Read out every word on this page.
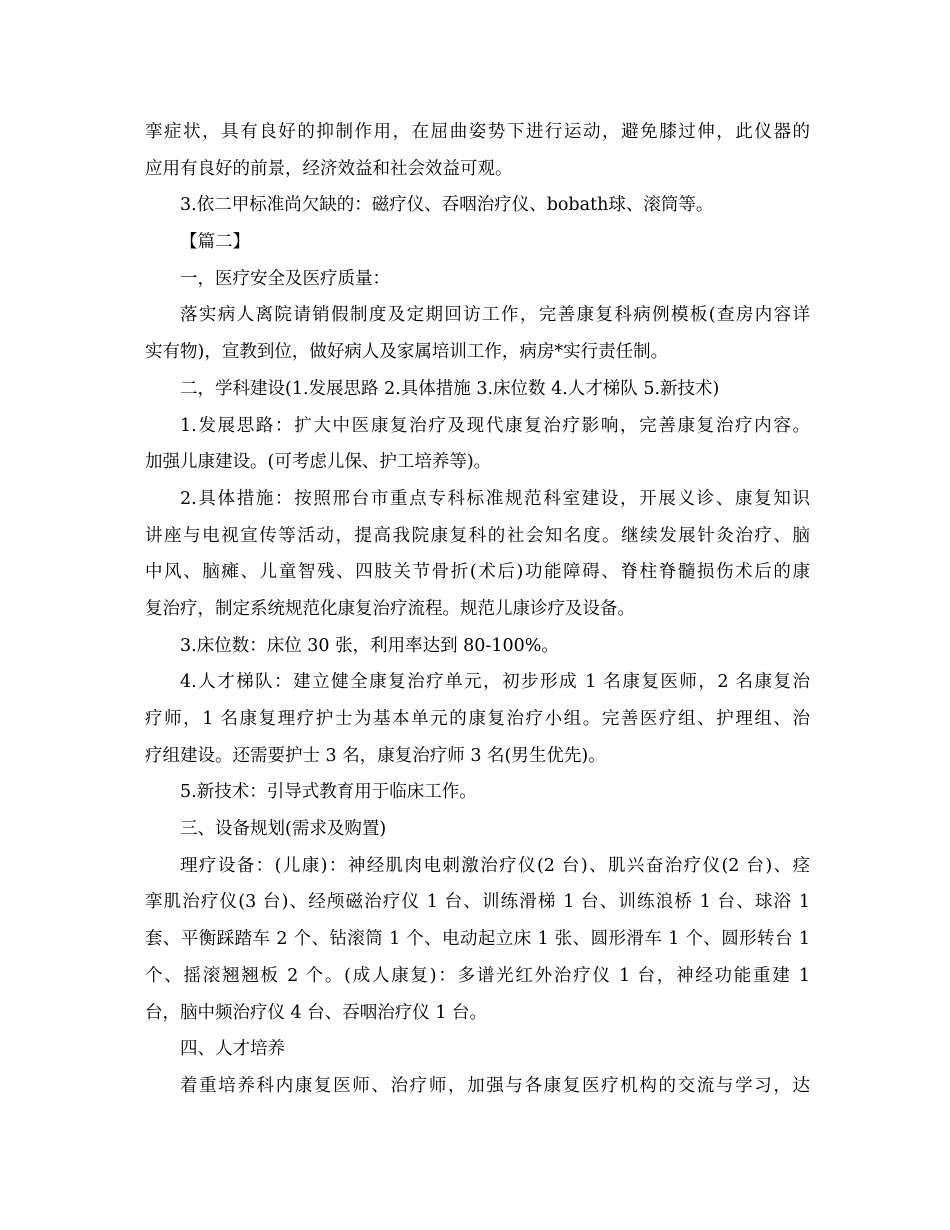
挛症状，具有良好的抑制作用，在屈曲姿势下进行运动，避免膝过伸，此仪器的
应用有良好的前景，经济效益和社会效益可观。
3.依二甲标准尚欠缺的：磁疗仪、吞咽治疗仪、bobath球、滚筒等。
【篇二】
一，医疗安全及医疗质量：
落实病人离院请销假制度及定期回访工作，完善康复科病例模板(查房内容详
实有物)，宣教到位，做好病人及家属培训工作，病房*实行责任制。
二，学科建设(1.发展思路 2.具体措施 3.床位数 4.人才梯队 5.新技术)
1.发展思路：扩大中医康复治疗及现代康复治疗影响，完善康复治疗内容。
加强儿康建设。(可考虑儿保、护工培养等)。
2.具体措施：按照邢台市重点专科标准规范科室建设，开展义诊、康复知识
讲座与电视宣传等活动，提高我院康复科的社会知名度。继续发展针灸治疗、脑
中风、脑瘫、儿童智残、四肢关节骨折(术后)功能障碍、脊柱脊髓损伤术后的康
复治疗，制定系统规范化康复治疗流程。规范儿康诊疗及设备。
3.床位数：床位 30 张，利用率达到 80-100%。
4.人才梯队：建立健全康复治疗单元，初步形成 1 名康复医师，2 名康复治
疗师，1 名康复理疗护士为基本单元的康复治疗小组。完善医疗组、护理组、治
疗组建设。还需要护士 3 名，康复治疗师 3 名(男生优先)。
5.新技术：引导式教育用于临床工作。
三、设备规划(需求及购置)
理疗设备：(儿康)：神经肌肉电刺激治疗仪(2 台)、肌兴奋治疗仪(2 台)、痉
挛肌治疗仪(3 台)、经颅磁治疗仪 1 台、训练滑梯 1 台、训练浪桥 1 台、球浴 1
套、平衡踩踏车 2 个、钻滚筒 1 个、电动起立床 1 张、圆形滑车 1 个、圆形转台 1
个、摇滚翘翘板 2 个。(成人康复)：多谱光红外治疗仪 1 台，神经功能重建 1
台，脑中频治疗仪 4 台、吞咽治疗仪 1 台。
四、人才培养
着重培养科内康复医师、治疗师，加强与各康复医疗机构的交流与学习，达
